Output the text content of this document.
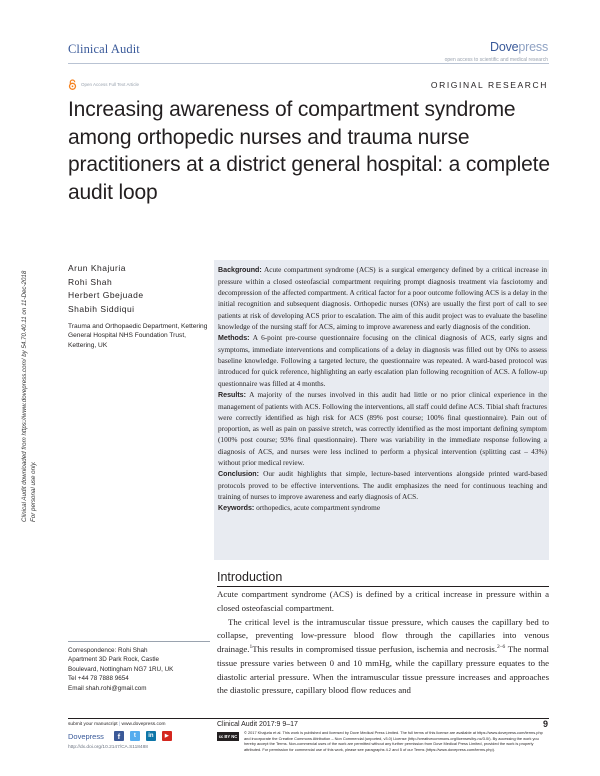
Clinical Audit	Dovepress
open access to scientific and medical research
Open Access Full Text Article	ORIGINAL RESEARCH
Increasing awareness of compartment syndrome among orthopedic nurses and trauma nurse practitioners at a district general hospital: a complete audit loop
Clinical Audit downloaded from https://www.dovepress.com/ by 54.70.40.11 on 11-Dec-2018 For personal use only.
Arun Khajuria
Rohi Shah
Herbert Gbejuade
Shabih Siddiqui
Trauma and Orthopaedic Department, Kettering General Hospital NHS Foundation Trust, Kettering, UK
Background: Acute compartment syndrome (ACS) is a surgical emergency defined by a critical increase in pressure within a closed osteofascial compartment requiring prompt diagnosis treatment via fasciotomy and decompression of the affected compartment. A critical factor for a poor outcome following ACS is a delay in the initial recognition and subsequent diagnosis. Orthopedic nurses (ONs) are usually the first port of call to see patients at risk of developing ACS prior to escalation. The aim of this audit project was to evaluate the baseline knowledge of the nursing staff for ACS, aiming to improve awareness and early diagnosis of the condition.
Methods: A 6-point pre-course questionnaire focusing on the clinical diagnosis of ACS, early signs and symptoms, immediate interventions and complications of a delay in diagnosis was filled out by ONs to assess baseline knowledge. Following a targeted lecture, the questionnaire was repeated. A ward-based protocol was introduced for quick reference, highlighting an early escalation plan following recognition of ACS. A follow-up questionnaire was filled at 4 months.
Results: A majority of the nurses involved in this audit had little or no prior clinical experience in the management of patients with ACS. Following the interventions, all staff could define ACS. Tibial shaft fractures were correctly identified as high risk for ACS (89% post course; 100% final questionnaire). Pain out of proportion, as well as pain on passive stretch, was correctly identified as the most important defining symptom (100% post course; 93% final questionnaire). There was variability in the immediate response following a diagnosis of ACS, and nurses were less inclined to perform a physical intervention (splitting cast – 43%) without prior medical review.
Conclusion: Our audit highlights that simple, lecture-based interventions alongside printed ward-based protocols proved to be effective interventions. The audit emphasizes the need for continuous teaching and training of nurses to improve awareness and early diagnosis of ACS.
Keywords: orthopedics, acute compartment syndrome
Introduction

Acute compartment syndrome (ACS) is defined by a critical increase in pressure within a closed osteofascial compartment.

The critical level is the intramuscular tissue pressure, which causes the capillary bed to collapse, preventing low-pressure blood flow through the capillaries into venous drainage.$^1$This results in compromised tissue perfusion, ischemia and necrosis.$^{2-6}$ The normal tissue pressure varies between 0 and 10 mmHg, while the capillary pressure equates to the diastolic arterial pressure. When the intramuscular tissue pressure increases and approaches the diastolic pressure, capillary blood flow reduces and

Correspondence: Rohi Shah
Apartment 3D Park Rock, Castle
Boulevard, Nottingham NG7 1RU, UK
Tel +44 78 7888 9654
Email shah.rohi@gmail.com
submit your manuscript | www.dovepress.com
Dovepress	f	t	in	▶
http://dx.doi.org/10.2147/CA.S118488
Clinical Audit 2017:9 9–17	9
cc BY NC
© 2017 Khajuria et al. This work is published and licensed by Dove Medical Press Limited. The full terms of this license are available at https://www.dovepress.com/terms.php and incorporate the Creative Commons Attribution – Non Commercial (unported, v3.0) License (http://creativecommons.org/licenses/by-nc/3.0/). By accessing the work you hereby accept the Terms. Non-commercial uses of the work are permitted without any further permission from Dove Medical Press Limited, provided the work is properly attributed. For permission for commercial use of this work, please see paragraphs 4.2 and 5 of our Terms (https://www.dovepress.com/terms.php).
